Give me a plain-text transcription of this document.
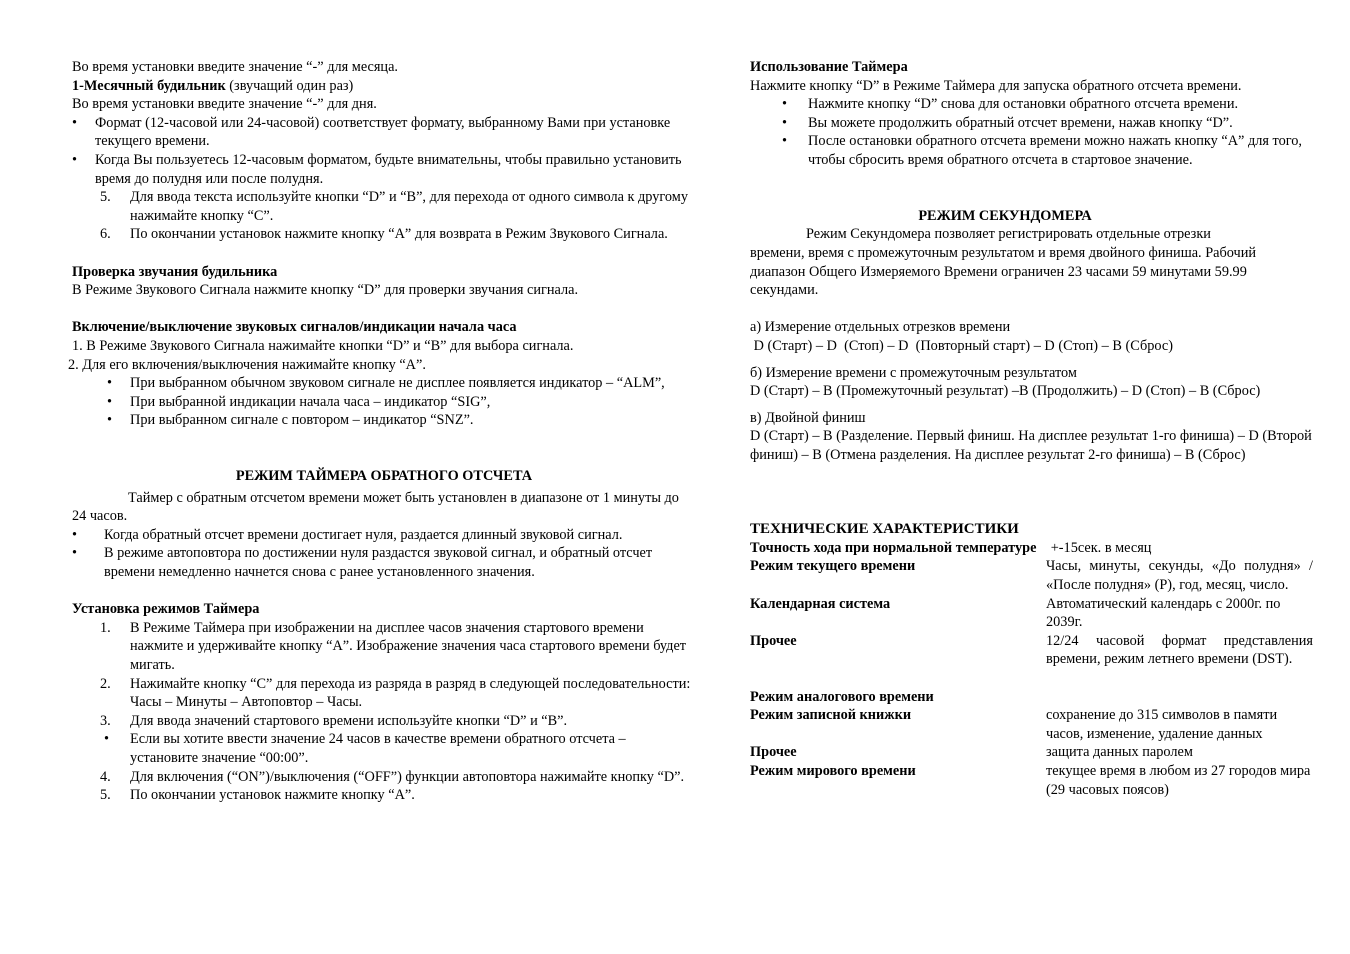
Во время установки введите значение “-” для месяца.

1-Месячный будильник (звучащий один раз)

Во время установки введите значение “-” для дня.

• Формат (12-часовой или 24-часовой) соответствует формату, выбранному Вами при установке текущего времени.
• Когда Вы пользуетесь 12-часовым форматом, будьте внимательны, чтобы правильно установить время до полудня или после полудня.
5. Для ввода текста используйте кнопки “D” и “B”, для перехода от одного символа к другому нажимайте кнопку “C”.
6. По окончании установок нажмите кнопку “A” для возврата в Режим Звукового Сигнала.

Проверка звучания будильника

В Режиме Звукового Сигнала нажмите кнопку “D” для проверки звучания сигнала.

Включение/выключение звуковых сигналов/индикации начала часа

1. В Режиме Звукового Сигнала нажимайте кнопки “D” и “B” для выбора сигнала.

2. Для его включения/выключения нажимайте кнопку “A”.

• При выбранном обычном звуковом сигнале не дисплее появляется индикатор – “ALM”,
• При выбранной индикации начала часа – индикатор “SIG”,
• При выбранном сигнале с повтором – индикатор “SNZ”.

РЕЖИМ ТАЙМЕРА ОБРАТНОГО ОТСЧЕТА

Таймер с обратным отсчетом времени может быть установлен в диапазоне от 1 минуты до 24 часов.

• Когда обратный отсчет времени достигает нуля, раздается длинный звуковой сигнал.
• В режиме автоповтора по достижении нуля раздастся звуковой сигнал, и обратный отсчет времени немедленно начнется снова с ранее установленного значения.

Установка режимов Таймера

1. В Режиме Таймера при изображении на дисплее часов значения стартового времени нажмите и удерживайте кнопку “A”. Изображение значения часа стартового времени будет мигать.
2. Нажимайте кнопку “C” для перехода из разряда в разряд в следующей последовательности: Часы – Минуты – Автоповтор – Часы.
3. Для ввода значений стартового времени используйте кнопки “D” и “B”.
• Если вы хотите ввести значение 24 часов в качестве времени обратного отсчета – установите значение “00:00”.
4. Для включения (“ON”)/выключения (“OFF”) функции автоповтора нажимайте кнопку “D”.
5. По окончании установок нажмите кнопку “A”.

Использование Таймера

Нажмите кнопку “D” в Режиме Таймера для запуска обратного отсчета времени.

• Нажмите кнопку “D” снова для остановки обратного отсчета времени.
• Вы можете продолжить обратный отсчет времени, нажав кнопку “D”.
• После остановки обратного отсчета времени можно нажать кнопку “A” для того, чтобы сбросить время обратного отсчета в стартовое значение.

РЕЖИМ СЕКУНДОМЕРА

Режим Секундомера позволяет регистрировать отдельные отрезки времени, время с промежуточным результатом и время двойного финиша. Рабочий диапазон Общего Измеряемого Времени ограничен 23 часами 59 минутами 59.99 секундами.

а) Измерение отдельных отрезков времени

D (Старт) – D  (Стоп) – D  (Повторный старт) – D (Стоп) – B (Сброс)

б) Измерение времени с промежуточным результатом

D (Старт) – B (Промежуточный результат) –B (Продолжить) – D (Стоп) – B (Сброс)

в) Двойной финиш

D (Старт) – B (Разделение. Первый финиш. На дисплее результат 1-го финиша) – D (Второй финиш) – B (Отмена разделения. На дисплее результат 2-го финиша) – B (Сброс)

ТЕХНИЧЕСКИЕ ХАРАКТЕРИСТИКИ

Точность хода при нормальной температуре    +-15сек. в месяц

Режим текущего времени	Часы, минуты, секунды, «До полудня» / «После полудня» (Р), год, месяц, число.
Календарная система	Автоматический календарь с 2000г. по 2039г.
Прочее	12/24 часовой формат представления времени, режим летнего времени (DST).
Режим аналогового времени
Режим записной книжки	сохранение до 315 символов в памяти часов, изменение, удаление данных
Прочее	защита данных паролем
Режим мирового времени	текущее время в любом из 27 городов мира (29 часовых поясов)
